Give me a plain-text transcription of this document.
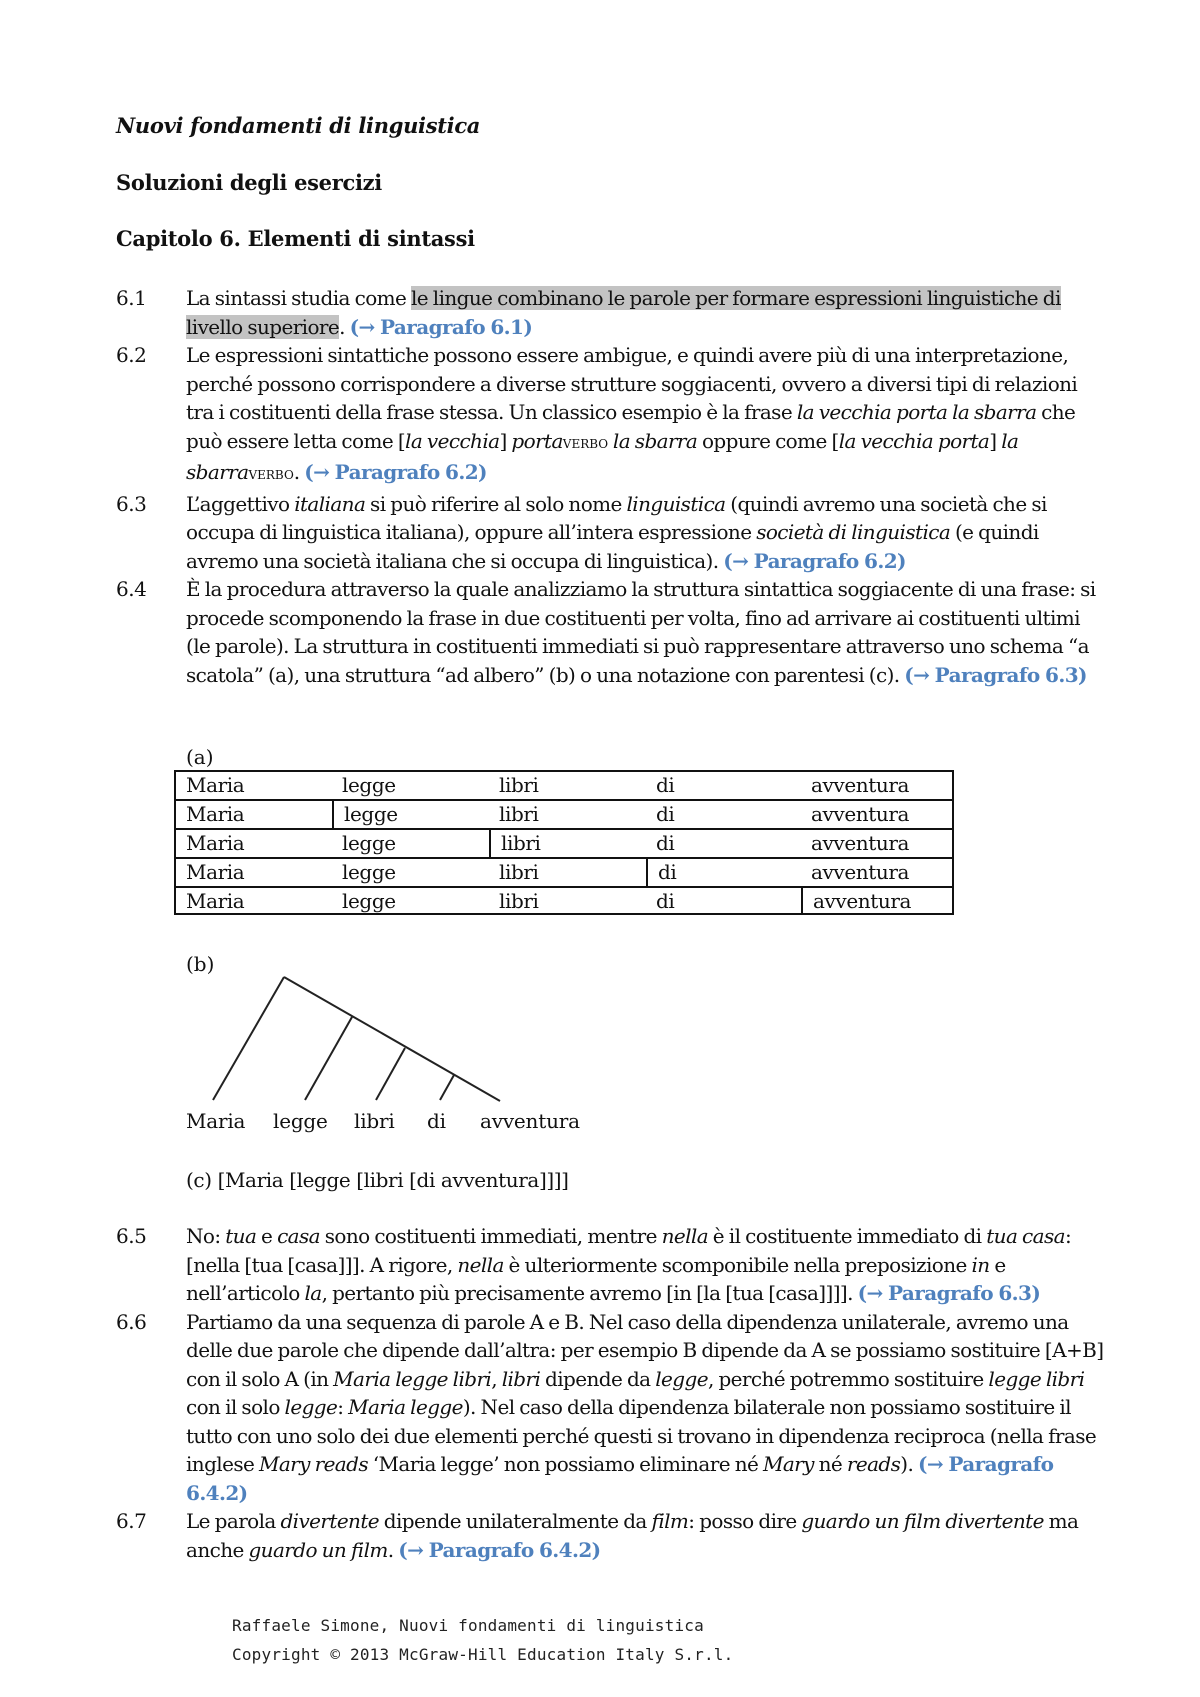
Nuovi fondamenti di linguistica
Soluzioni degli esercizi
Capitolo 6. Elementi di sintassi
6.1	La sintassi studia come le lingue combinano le parole per formare espressioni linguistiche di livello superiore. (→ Paragrafo 6.1)
6.2	Le espressioni sintattiche possono essere ambigue, e quindi avere più di una interpretazione, perché possono corrispondere a diverse strutture soggiacenti, ovvero a diversi tipi di relazioni tra i costituenti della frase stessa. Un classico esempio è la frase la vecchia porta la sbarra che può essere letta come [la vecchia] portaVERBO la sbarra oppure come [la vecchia porta] la sbarraVERBO. (→ Paragrafo 6.2)
6.3	L’aggettivo italiana si può riferire al solo nome linguistica (quindi avremo una società che si occupa di linguistica italiana), oppure all’intera espressione società di linguistica (e quindi avremo una società italiana che si occupa di linguistica). (→ Paragrafo 6.2)
6.4	È la procedura attraverso la quale analizziamo la struttura sintattica soggiacente di una frase: si procede scomponendo la frase in due costituenti per volta, fino ad arrivare ai costituenti ultimi (le parole). La struttura in costituenti immediati si può rappresentare attraverso uno schema “a scatola” (a), una struttura “ad albero” (b) o una notazione con parentesi (c). (→ Paragrafo 6.3)
(a)
Maria	legge	libri	di	avventura
Maria	legge	libri	di	avventura
Maria	legge	libri	di	avventura
Maria	legge	libri	di	avventura
Maria	legge	libri	di	avventura
(b)
Maria legge libri di avventura
(c) [Maria [legge [libri [di avventura]]]]
6.5	No: tua e casa sono costituenti immediati, mentre nella è il costituente immediato di tua casa: [nella [tua [casa]]]. A rigore, nella è ulteriormente scomponibile nella preposizione in e nell’articolo la, pertanto più precisamente avremo [in [la [tua [casa]]]]. (→ Paragrafo 6.3)
6.6	Partiamo da una sequenza di parole A e B. Nel caso della dipendenza unilaterale, avremo una delle due parole che dipende dall’altra: per esempio B dipende da A se possiamo sostituire [A+B] con il solo A (in Maria legge libri, libri dipende da legge, perché potremmo sostituire legge libri con il solo legge: Maria legge). Nel caso della dipendenza bilaterale non possiamo sostituire il tutto con uno solo dei due elementi perché questi si trovano in dipendenza reciproca (nella frase inglese Mary reads ‘Maria legge’ non possiamo eliminare né Mary né reads). (→ Paragrafo 6.4.2)
6.7	Le parola divertente dipende unilateralmente da film: posso dire guardo un film divertente ma anche guardo un film. (→ Paragrafo 6.4.2)
Raffaele Simone, Nuovi fondamenti di linguistica
Copyright © 2013 McGraw-Hill Education Italy S.r.l.
